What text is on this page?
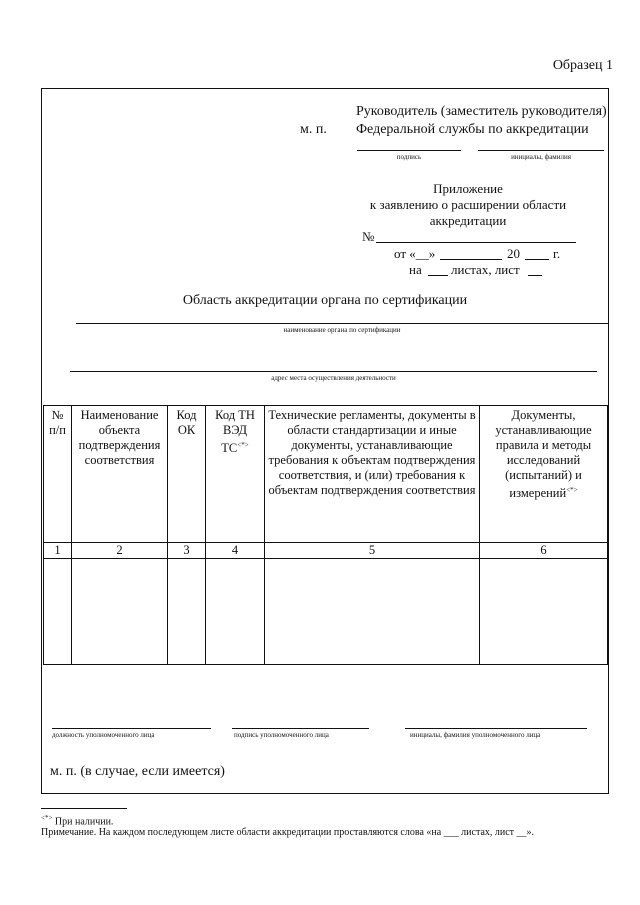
Образец 1
Руководитель (заместитель руководителя)
м. п. Федеральной службы по аккредитации
подпись	инициалы, фамилия
Приложение
к заявлению о расширении области
аккредитации
№
от «__»	20	г.
на листах, лист
Область аккредитации органа по сертификации
наименование органа по сертификации
адрес места осуществления деятельности
№ п/п	Наименование объекта подтверждения соответствия	Код ОК	Код ТН ВЭД ТС<*>	Технические регламенты, документы в области стандартизации и иные документы, устанавливающие требования к объектам подтверждения соответствия, и (или) требования к объектам подтверждения соответствия	Документы, устанавливающие правила и методы исследований (испытаний) и измерений<*>
1	2	3	4	5	6

должность уполномоченного лица	подпись уполномоченного лица	инициалы, фамилия уполномоченного лица
м. п. (в случае, если имеется)
<*> При наличии.
Примечание. На каждом последующем листе области аккредитации проставляются слова «на ___ листах, лист __».
